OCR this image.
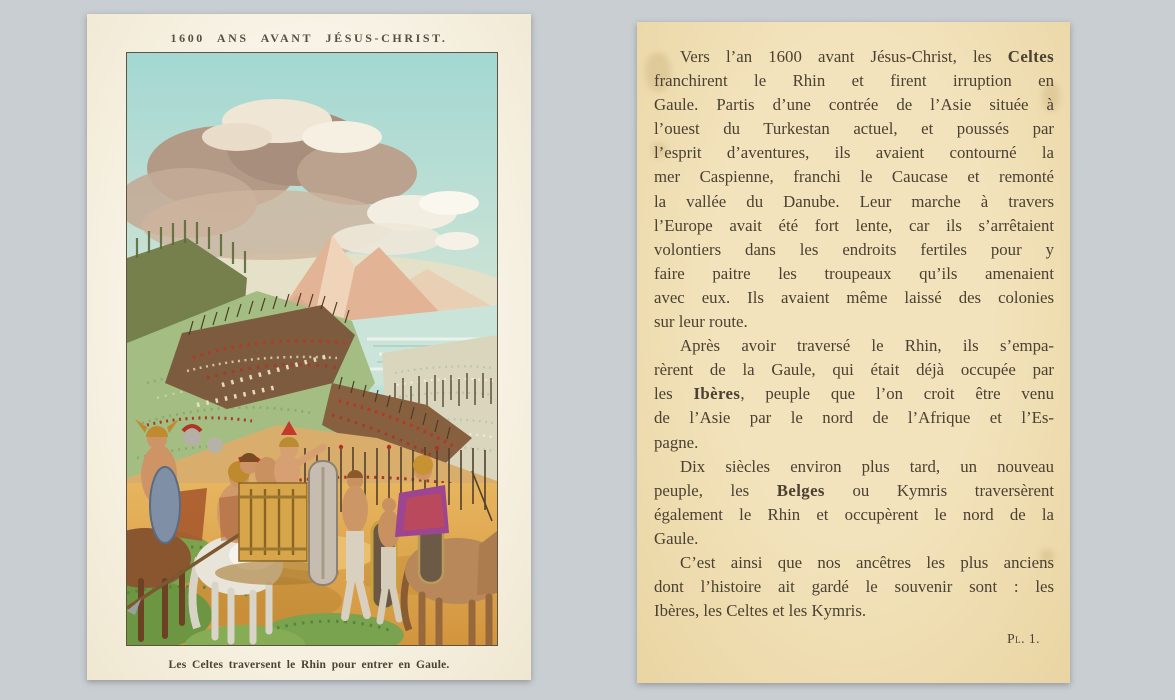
1600 ANS AVANT JÉSUS-CHRIST.
Les Celtes traversent le Rhin pour entrer en Gaule.
Vers l’an 1600 avant Jésus-Christ, les Celtes
franchirent le Rhin et firent irruption en
Gaule. Partis d’une contrée de l’Asie située à
l’ouest du Turkestan actuel, et poussés par
l’esprit d’aventures, ils avaient contourné la
mer Caspienne, franchi le Caucase et remonté
la vallée du Danube. Leur marche à travers
l’Europe avait été fort lente, car ils s’arrêtaient
volontiers dans les endroits fertiles pour y
faire paitre les troupeaux qu’ils amenaient
avec eux. Ils avaient même laissé des colonies
sur leur route.
Après avoir traversé le Rhin, ils s’empa-
rèrent de la Gaule, qui était déjà occupée par
les Ibères, peuple que l’on croit être venu
de l’Asie par le nord de l’Afrique et l’Es-
pagne.
Dix siècles environ plus tard, un nouveau
peuple, les Belges ou Kymris traversèrent
également le Rhin et occupèrent le nord de la
Gaule.
C’est ainsi que nos ancêtres les plus anciens
dont l’histoire ait gardé le souvenir sont : les
Ibères, les Celtes et les Kymris.
Pl. 1.
